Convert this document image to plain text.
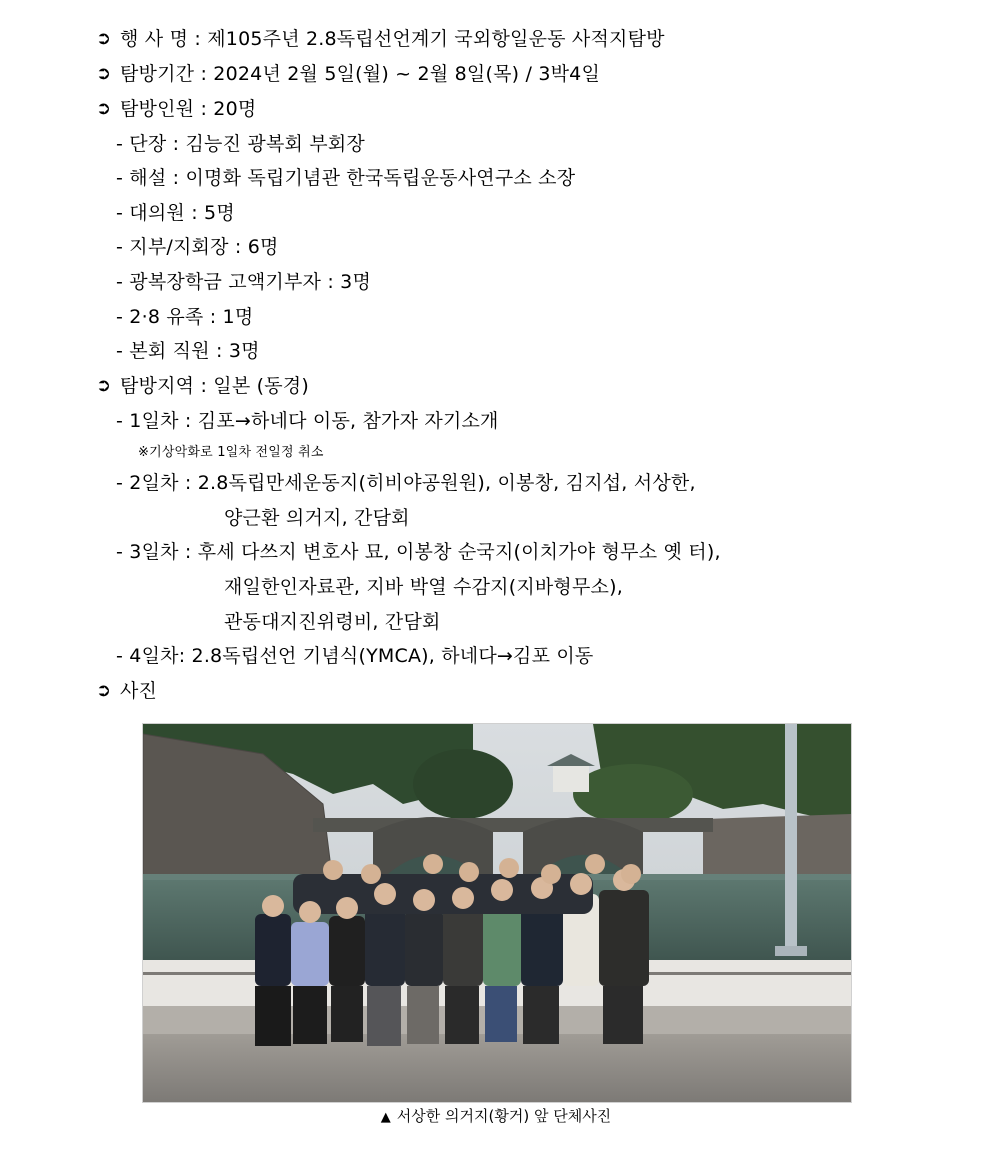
➲ 행 사 명 : 제105주년 2.8독립선언계기 국외항일운동 사적지탐방
➲ 탐방기간 : 2024년 2월 5일(월) ~ 2월 8일(목) / 3박4일
➲ 탐방인원 : 20명
- 단장 : 김능진 광복회 부회장
- 해설 : 이명화 독립기념관 한국독립운동사연구소 소장
- 대의원 : 5명
- 지부/지회장 : 6명
- 광복장학금 고액기부자 : 3명
- 2·8 유족 : 1명
- 본회 직원 : 3명
➲ 탐방지역 : 일본 (동경)
- 1일차 : 김포→하네다 이동, 참가자 자기소개
※기상악화로 1일차 전일정 취소
- 2일차 : 2.8독립만세운동지(히비야공원원), 이봉창, 김지섭, 서상한,
양근환 의거지, 간담회
- 3일차 : 후세 다쓰지 변호사 묘, 이봉창 순국지(이치가야 형무소 옛 터),
재일한인자료관, 지바 박열 수감지(지바형무소),
관동대지진위령비, 간담회
- 4일차: 2.8독립선언 기념식(YMCA), 하네다→김포 이동
➲ 사진
▲ 서상한 의거지(황거) 앞 단체사진
